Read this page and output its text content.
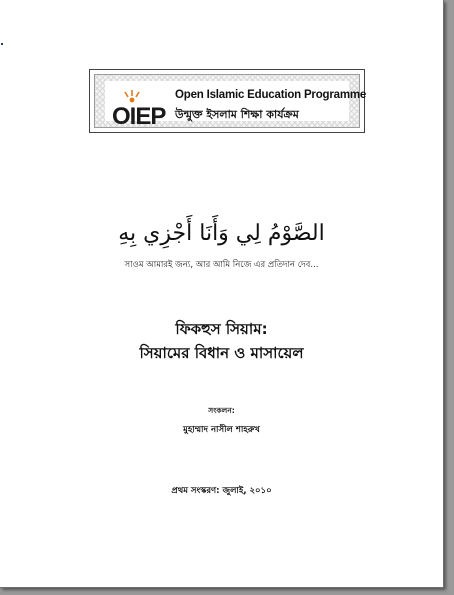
OIEP
Open Islamic Education Programme
উন্মুক্ত ইসলাম শিক্ষা কার্যক্রম
الصَّوْمُ لِي وَأَنَا أَجْزِي بِهِ
সাওম আমারই জন্য, আর আমি নিজে এর প্রতিদান দেব...
ফিকহুস সিয়াম:
সিয়ামের বিধান ও মাসায়েল
সংকলন:
মুহাম্মাদ নাসীল শাহরুখ
প্রথম সংস্করণ: জুলাই, ২০১০
